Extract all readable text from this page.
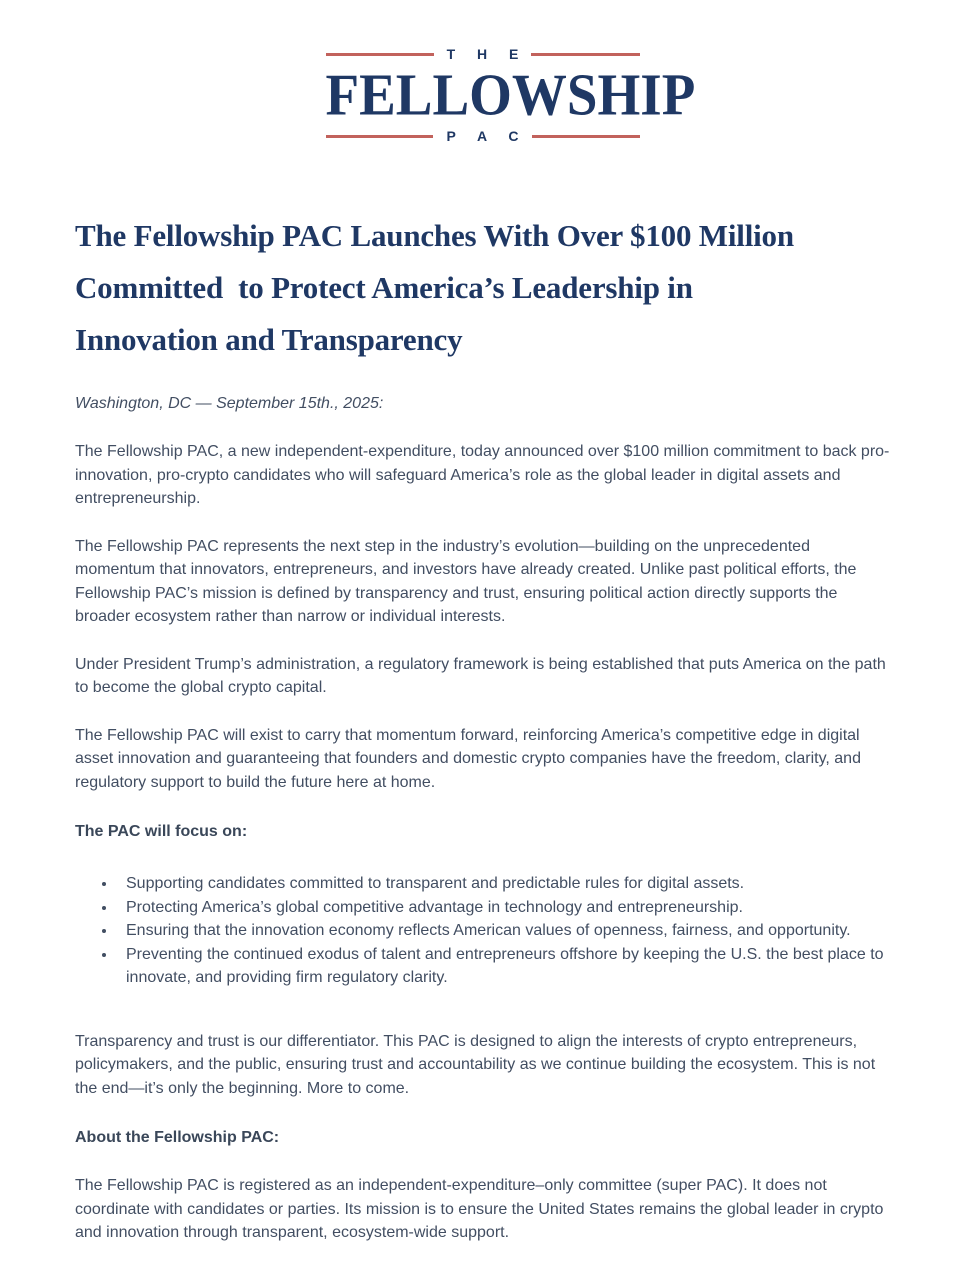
T H E
FELLOWSHIP
P A C
The Fellowship PAC Launches With Over $100 Million
Committed  to Protect America’s Leadership in
Innovation and Transparency

Washington, DC — September 15th., 2025:

The Fellowship PAC, a new independent-expenditure, today announced over $100 million commitment to back pro-innovation, pro-crypto candidates who will safeguard America’s role as the global leader in digital assets and entrepreneurship.

The Fellowship PAC represents the next step in the industry’s evolution—building on the unprecedented momentum that innovators, entrepreneurs, and investors have already created. Unlike past political efforts, the Fellowship PAC’s mission is defined by transparency and trust, ensuring political action directly supports the broader ecosystem rather than narrow or individual interests.

Under President Trump’s administration, a regulatory framework is being established that puts America on the path to become the global crypto capital.

The Fellowship PAC will exist to carry that momentum forward, reinforcing America’s competitive edge in digital asset innovation and guaranteeing that founders and domestic crypto companies have the freedom, clarity, and regulatory support to build the future here at home.

The PAC will focus on:

• Supporting candidates committed to transparent and predictable rules for digital assets.
• Protecting America’s global competitive advantage in technology and entrepreneurship.
• Ensuring that the innovation economy reflects American values of openness, fairness, and opportunity.
• Preventing the continued exodus of talent and entrepreneurs offshore by keeping the U.S. the best place to innovate, and providing firm regulatory clarity.

Transparency and trust is our differentiator. This PAC is designed to align the interests of crypto entrepreneurs, policymakers, and the public, ensuring trust and accountability as we continue building the ecosystem. This is not the end—it’s only the beginning. More to come.

About the Fellowship PAC:

The Fellowship PAC is registered as an independent-expenditure–only committee (super PAC). It does not coordinate with candidates or parties. Its mission is to ensure the United States remains the global leader in crypto and innovation through transparent, ecosystem-wide support.
